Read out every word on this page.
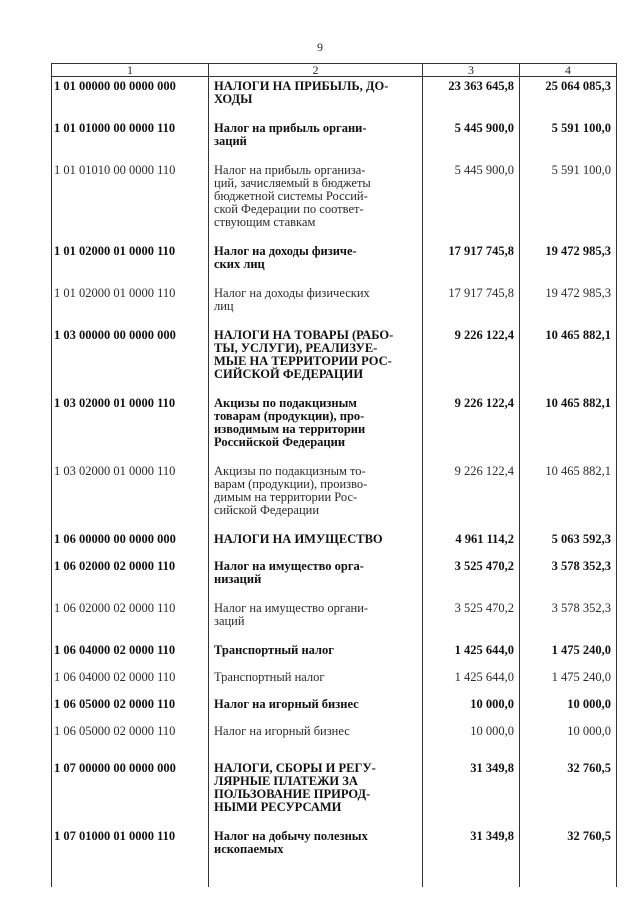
9
1	2	3	4
1 01 00000 00 0000 000	НАЛОГИ НА ПРИБЫЛЬ, ДО-
ХОДЫ	23 363 645,8	25 064 085,3
1 01 01000 00 0000 110	Налог на прибыль органи-
заций	5 445 900,0	5 591 100,0
1 01 01010 00 0000 110	Налог на прибыль организа-
ций, зачисляемый в бюджеты
бюджетной системы Россий-
ской Федерации по соответ-
ствующим ставкам	5 445 900,0	5 591 100,0
1 01 02000 01 0000 110	Налог на доходы физиче-
ских лиц	17 917 745,8	19 472 985,3
1 01 02000 01 0000 110	Налог на доходы физических
лиц	17 917 745,8	19 472 985,3
1 03 00000 00 0000 000	НАЛОГИ НА ТОВАРЫ (РАБО-
ТЫ, УСЛУГИ), РЕАЛИЗУЕ-
МЫЕ НА ТЕРРИТОРИИ РОС-
СИЙСКОЙ ФЕДЕРАЦИИ	9 226 122,4	10 465 882,1
1 03 02000 01 0000 110	Акцизы по подакцизным
товарам (продукции), про-
изводимым на территории
Российской Федерации	9 226 122,4	10 465 882,1
1 03 02000 01 0000 110	Акцизы по подакцизным то-
варам (продукции), произво-
димым на территории Рос-
сийской Федерации	9 226 122,4	10 465 882,1
1 06 00000 00 0000 000	НАЛОГИ НА ИМУЩЕСТВО	4 961 114,2	5 063 592,3
1 06 02000 02 0000 110	Налог на имущество орга-
низаций	3 525 470,2	3 578 352,3
1 06 02000 02 0000 110	Налог на имущество органи-
заций	3 525 470,2	3 578 352,3
1 06 04000 02 0000 110	Транспортный налог	1 425 644,0	1 475 240,0
1 06 04000 02 0000 110	Транспортный налог	1 425 644,0	1 475 240,0
1 06 05000 02 0000 110	Налог на игорный бизнес	10 000,0	10 000,0
1 06 05000 02 0000 110	Налог на игорный бизнес	10 000,0	10 000,0
1 07 00000 00 0000 000	НАЛОГИ, СБОРЫ И РЕГУ-
ЛЯРНЫЕ ПЛАТЕЖИ ЗА
ПОЛЬЗОВАНИЕ ПРИРОД-
НЫМИ РЕСУРСАМИ	31 349,8	32 760,5
1 07 01000 01 0000 110	Налог на добычу полезных
ископаемых	31 349,8	32 760,5
